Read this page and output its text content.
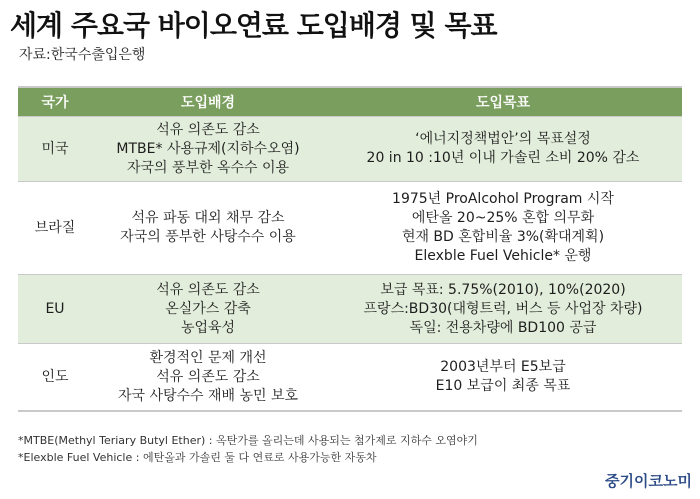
세계 주요국 바이오연료 도입배경 및 목표
자료:한국수출입은행
국가	도입배경	도입목표
미국
석유 의존도 감소
MTBE* 사용규제(지하수오염)
자국의 풍부한 옥수수 이용
‘에너지정책법안’의 목표설정
20 in 10 :10년 이내 가솔린 소비 20% 감소
브라질
석유 파동 대외 채무 감소
자국의 풍부한 사탕수수 이용
1975년 ProAlcohol Program 시작
에탄올 20~25% 혼합 의무화
현재 BD 혼합비율 3%(확대계획)
Elexble Fuel Vehicle* 운행
EU
석유 의존도 감소
온실가스 감축
농업육성
보급 목표: 5.75%(2010), 10%(2020)
프랑스:BD30(대형트럭, 버스 등 사업장 차량)
독일: 전용차량에 BD100 공급
인도
환경적인 문제 개선
석유 의존도 감소
자국 사탕수수 재배 농민 보호
2003년부터 E5보급
E10 보급이 최종 목표
*MTBE(Methyl Teriary Butyl Ether) : 옥탄가를 올리는데 사용되는 첨가제로 지하수 오염야기
*Elexble Fuel Vehicle : 에탄올과 가솔린 둘 다 연료로 사용가능한 자동차
중기이코노미
